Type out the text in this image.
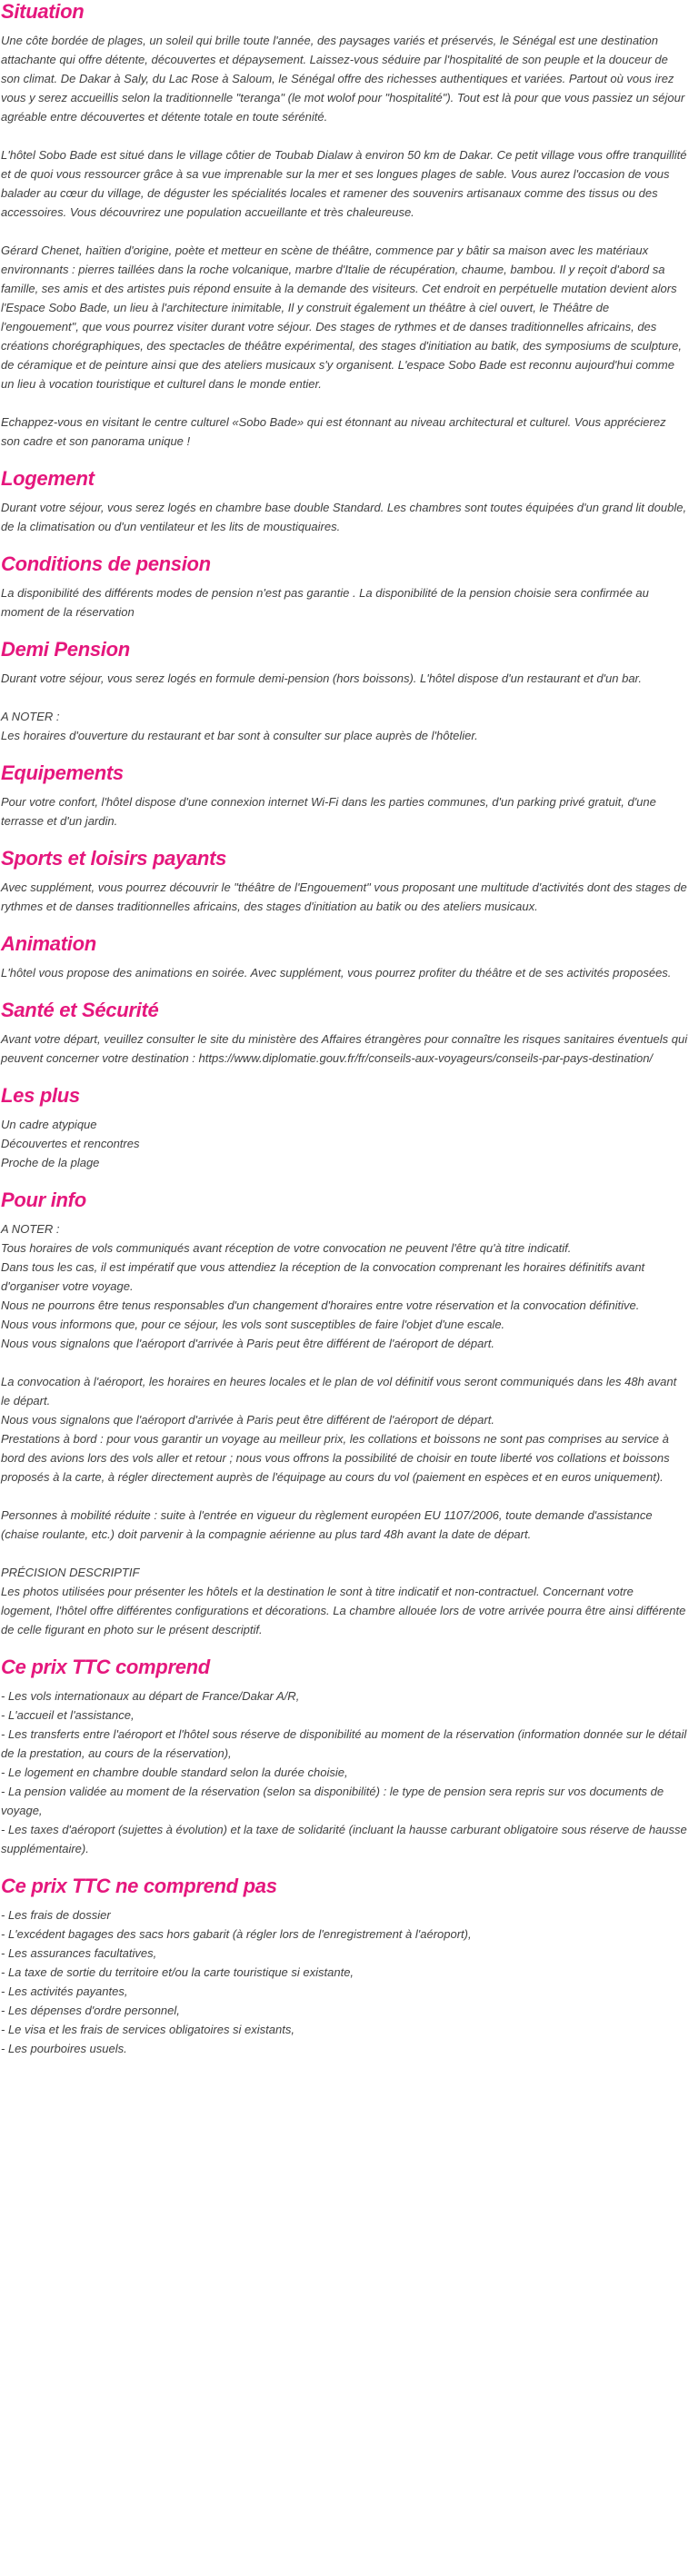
Situation
Une côte bordée de plages, un soleil qui brille toute l'année, des paysages variés et préservés, le Sénégal est une destination attachante qui offre détente, découvertes et dépaysement. Laissez-vous séduire par l'hospitalité de son peuple et la douceur de son climat. De Dakar à Saly, du Lac Rose à Saloum, le Sénégal offre des richesses authentiques et variées. Partout où vous irez vous y serez accueillis selon la traditionnelle "teranga" (le mot wolof pour "hospitalité"). Tout est là pour que vous passiez un séjour agréable entre découvertes et détente totale en toute sérénité.
L'hôtel Sobo Bade est situé dans le village côtier de Toubab Dialaw à environ 50 km de Dakar. Ce petit village vous offre tranquillité et de quoi vous ressourcer grâce à sa vue imprenable sur la mer et ses longues plages de sable. Vous aurez l'occasion de vous balader au cœur du village, de déguster les spécialités locales et ramener des souvenirs artisanaux comme des tissus ou des accessoires. Vous découvrirez une population accueillante et très chaleureuse.
Gérard Chenet, haïtien d'origine, poète et metteur en scène de théâtre, commence par y bâtir sa maison avec les matériaux environnants : pierres taillées dans la roche volcanique, marbre d'Italie de récupération, chaume, bambou. Il y reçoit d'abord sa famille, ses amis et des artistes puis répond ensuite à la demande des visiteurs. Cet endroit en perpétuelle mutation devient alors l'Espace Sobo Bade, un lieu à l'architecture inimitable, Il y construit également un théâtre à ciel ouvert, le Théâtre de l'engouement", que vous pourrez visiter durant votre séjour. Des stages de rythmes et de danses traditionnelles africains, des créations chorégraphiques, des spectacles de théâtre expérimental, des stages d'initiation au batik, des symposiums de sculpture, de céramique et de peinture ainsi que des ateliers musicaux s'y organisent. L'espace Sobo Bade est reconnu aujourd'hui comme un lieu à vocation touristique et culturel dans le monde entier.
Echappez-vous en visitant le centre culturel «Sobo Bade» qui est étonnant au niveau architectural et culturel. Vous apprécierez son cadre et son panorama unique !
Logement
Durant votre séjour, vous serez logés en chambre base double Standard. Les chambres sont toutes équipées d'un grand lit double, de la climatisation ou d'un ventilateur et les lits de moustiquaires.
Conditions de pension
La disponibilité des différents modes de pension n'est pas garantie . La disponibilité de la pension choisie sera confirmée au moment de la réservation
Demi Pension
Durant votre séjour, vous serez logés en formule demi-pension (hors boissons). L'hôtel dispose d'un restaurant et d'un bar.
A NOTER :
Les horaires d'ouverture du restaurant et bar sont à consulter sur place auprès de l'hôtelier.
Equipements
Pour votre confort, l'hôtel dispose d'une connexion internet Wi-Fi dans les parties communes, d'un parking privé gratuit, d'une terrasse et d'un jardin.
Sports et loisirs payants
Avec supplément, vous pourrez découvrir le "théâtre de l'Engouement" vous proposant une multitude d'activités dont des stages de rythmes et de danses traditionnelles africains, des stages d'initiation au batik ou des ateliers musicaux.
Animation
L'hôtel vous propose des animations en soirée. Avec supplément, vous pourrez profiter du théâtre et de ses activités proposées.
Santé et Sécurité
Avant votre départ, veuillez consulter le site du ministère des Affaires étrangères pour connaître les risques sanitaires éventuels qui peuvent concerner votre destination : https://www.diplomatie.gouv.fr/fr/conseils-aux-voyageurs/conseils-par-pays-destination/
Les plus
Un cadre atypique
Découvertes et rencontres
Proche de la plage
Pour info
A NOTER :
Tous horaires de vols communiqués avant réception de votre convocation ne peuvent l'être qu'à titre indicatif.
Dans tous les cas, il est impératif que vous attendiez la réception de la convocation comprenant les horaires définitifs avant d'organiser votre voyage.
Nous ne pourrons être tenus responsables d'un changement d'horaires entre votre réservation et la convocation définitive.
Nous vous informons que, pour ce séjour, les vols sont susceptibles de faire l'objet d'une escale.
Nous vous signalons que l'aéroport d'arrivée à Paris peut être différent de l'aéroport de départ.
La convocation à l'aéroport, les horaires en heures locales et le plan de vol définitif vous seront communiqués dans les 48h avant le départ.
Nous vous signalons que l'aéroport d'arrivée à Paris peut être différent de l'aéroport de départ.
Prestations à bord : pour vous garantir un voyage au meilleur prix, les collations et boissons ne sont pas comprises au service à bord des avions lors des vols aller et retour ; nous vous offrons la possibilité de choisir en toute liberté vos collations et boissons proposés à la carte, à régler directement auprès de l'équipage au cours du vol (paiement en espèces et en euros uniquement).
Personnes à mobilité réduite : suite à l'entrée en vigueur du règlement européen EU 1107/2006, toute demande d'assistance (chaise roulante, etc.) doit parvenir à la compagnie aérienne au plus tard 48h avant la date de départ.
PRÉCISION DESCRIPTIF
Les photos utilisées pour présenter les hôtels et la destination le sont à titre indicatif et non-contractuel. Concernant votre logement, l'hôtel offre différentes configurations et décorations. La chambre allouée lors de votre arrivée pourra être ainsi différente de celle figurant en photo sur le présent descriptif.
Ce prix TTC comprend
- Les vols internationaux au départ de France/Dakar A/R,
- L'accueil et l'assistance,
- Les transferts entre l'aéroport et l'hôtel sous réserve de disponibilité au moment de la réservation (information donnée sur le détail de la prestation, au cours de la réservation),
- Le logement en chambre double standard selon la durée choisie,
- La pension validée au moment de la réservation (selon sa disponibilité) : le type de pension sera repris sur vos documents de voyage,
- Les taxes d'aéroport (sujettes à évolution) et la taxe de solidarité (incluant la hausse carburant obligatoire sous réserve de hausse supplémentaire).
Ce prix TTC ne comprend pas
- Les frais de dossier
- L'excédent bagages des sacs hors gabarit (à régler lors de l'enregistrement à l'aéroport),
- Les assurances facultatives,
- La taxe de sortie du territoire et/ou la carte touristique si existante,
- Les activités payantes,
- Les dépenses d'ordre personnel,
- Le visa et les frais de services obligatoires si existants,
- Les pourboires usuels.
